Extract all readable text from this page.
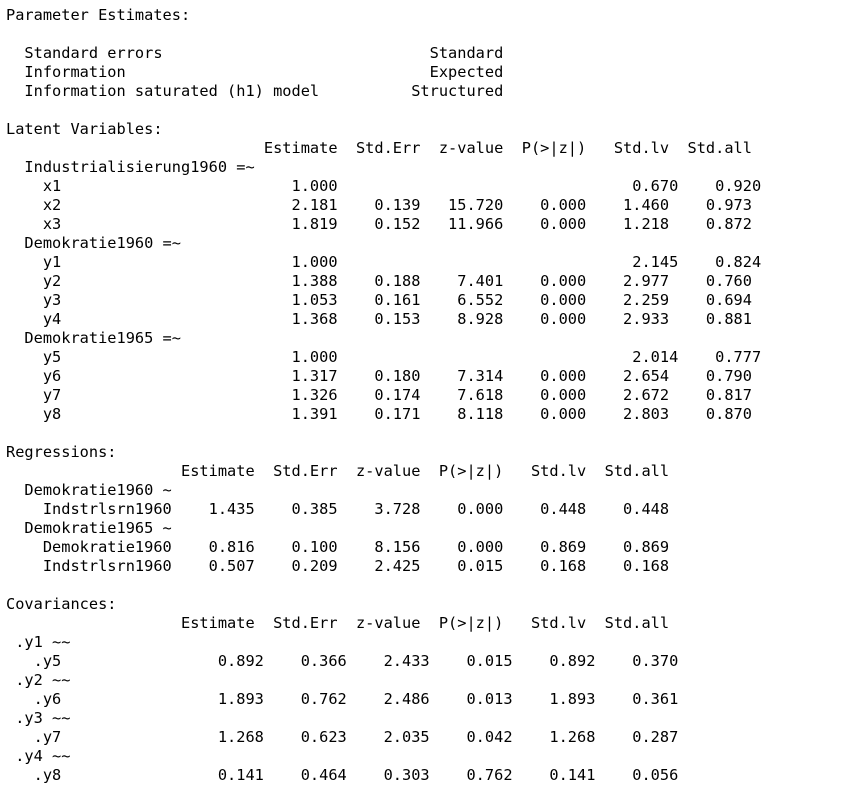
Parameter Estimates:
Standard errors                             Standard
Information                                 Expected
Information saturated (h1) model          Structured
Latent Variables:
Estimate  Std.Err  z-value  P(>|z|)   Std.lv  Std.all
Industrialisierung1960 =~
x1                         1.000                                0.670    0.920
x2                         2.181    0.139   15.720    0.000    1.460    0.973
x3                         1.819    0.152   11.966    0.000    1.218    0.872
Demokratie1960 =~
y1                         1.000                                2.145    0.824
y2                         1.388    0.188    7.401    0.000    2.977    0.760
y3                         1.053    0.161    6.552    0.000    2.259    0.694
y4                         1.368    0.153    8.928    0.000    2.933    0.881
Demokratie1965 =~
y5                         1.000                                2.014    0.777
y6                         1.317    0.180    7.314    0.000    2.654    0.790
y7                         1.326    0.174    7.618    0.000    2.672    0.817
y8                         1.391    0.171    8.118    0.000    2.803    0.870
Regressions:
Estimate  Std.Err  z-value  P(>|z|)   Std.lv  Std.all
Demokratie1960 ~
Indstrlsrn1960    1.435    0.385    3.728    0.000    0.448    0.448
Demokratie1965 ~
Demokratie1960    0.816    0.100    8.156    0.000    0.869    0.869
Indstrlsrn1960    0.507    0.209    2.425    0.015    0.168    0.168
Covariances:
Estimate  Std.Err  z-value  P(>|z|)   Std.lv  Std.all
.y1 ~~
.y5                 0.892    0.366    2.433    0.015    0.892    0.370
.y2 ~~
.y6                 1.893    0.762    2.486    0.013    1.893    0.361
.y3 ~~
.y7                 1.268    0.623    2.035    0.042    1.268    0.287
.y4 ~~
.y8                 0.141    0.464    0.303    0.762    0.141    0.056
